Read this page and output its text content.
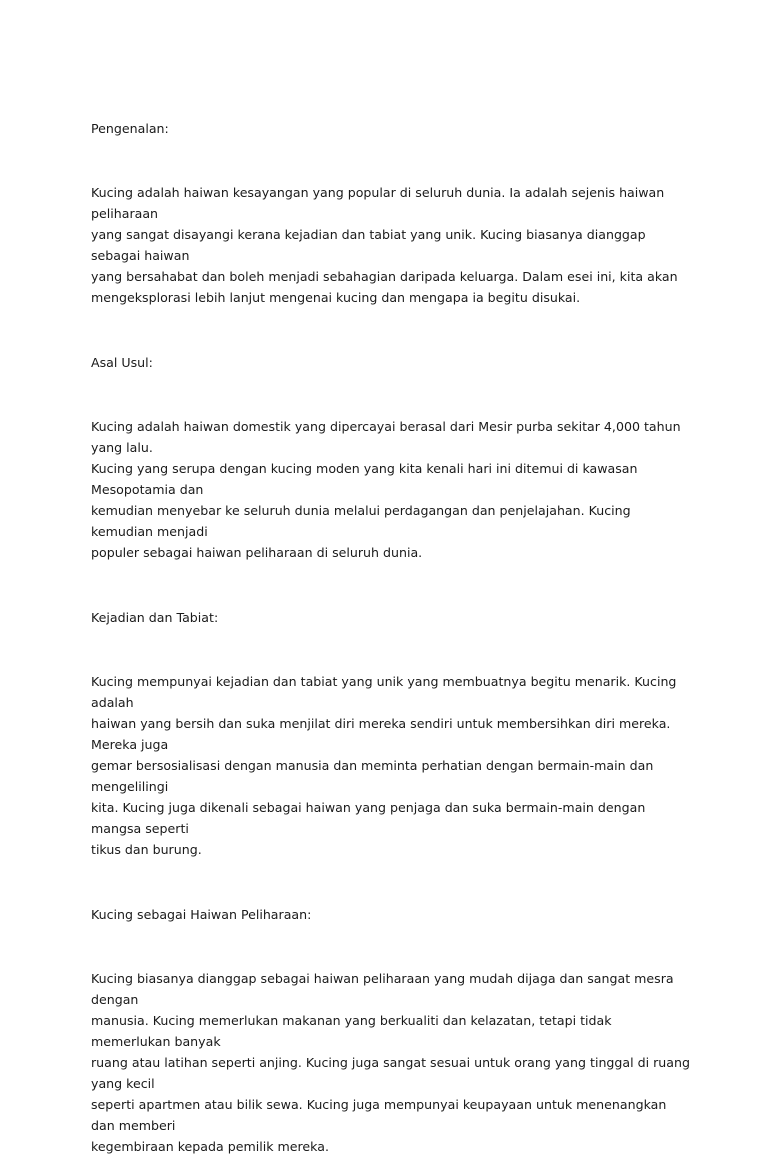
Pengenalan:

Kucing adalah haiwan kesayangan yang popular di seluruh dunia. Ia adalah sejenis haiwan peliharaan

yang sangat disayangi kerana kejadian dan tabiat yang unik. Kucing biasanya dianggap sebagai haiwan

yang bersahabat dan boleh menjadi sebahagian daripada keluarga. Dalam esei ini, kita akan

mengeksplorasi lebih lanjut mengenai kucing dan mengapa ia begitu disukai.

Asal Usul:

Kucing adalah haiwan domestik yang dipercayai berasal dari Mesir purba sekitar 4,000 tahun yang lalu.

Kucing yang serupa dengan kucing moden yang kita kenali hari ini ditemui di kawasan Mesopotamia dan

kemudian menyebar ke seluruh dunia melalui perdagangan dan penjelajahan. Kucing kemudian menjadi

populer sebagai haiwan peliharaan di seluruh dunia.

Kejadian dan Tabiat:

Kucing mempunyai kejadian dan tabiat yang unik yang membuatnya begitu menarik. Kucing adalah

haiwan yang bersih dan suka menjilat diri mereka sendiri untuk membersihkan diri mereka. Mereka juga

gemar bersosialisasi dengan manusia dan meminta perhatian dengan bermain-main dan mengelilingi

kita. Kucing juga dikenali sebagai haiwan yang penjaga dan suka bermain-main dengan mangsa seperti

tikus dan burung.

Kucing sebagai Haiwan Peliharaan:

Kucing biasanya dianggap sebagai haiwan peliharaan yang mudah dijaga dan sangat mesra dengan

manusia. Kucing memerlukan makanan yang berkualiti dan kelazatan, tetapi tidak memerlukan banyak

ruang atau latihan seperti anjing. Kucing juga sangat sesuai untuk orang yang tinggal di ruang yang kecil

seperti apartmen atau bilik sewa. Kucing juga mempunyai keupayaan untuk menenangkan dan memberi

kegembiraan kepada pemilik mereka.
